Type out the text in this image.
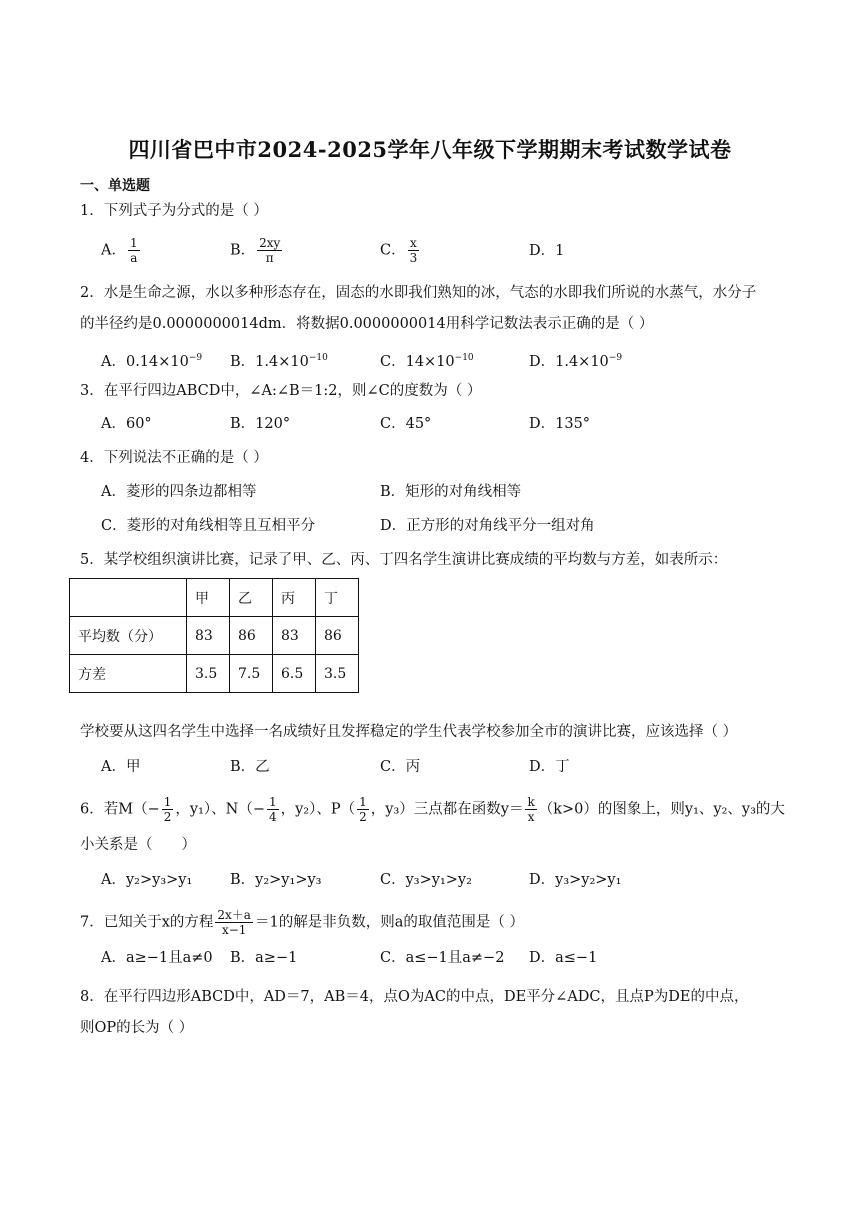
四川省巴中市2024-2025学年八年级下学期期末考试数学试卷
一、单选题
1．下列式子为分式的是（ ）
A． $\frac{1}{a}$	B． $\frac{2xy}{\pi}$	C． $\frac{x}{3}$	D．1
2．水是生命之源，水以多种形态存在，固态的水即我们熟知的冰，气态的水即我们所说的水蒸气，水分子
的半径约是0.0000000014dm．将数据0.0000000014用科学记数法表示正确的是（ ）
A．$0.14\times 10^{-9}$ B．$1.4\times 10^{-10}$	C．$14\times 10^{-10}$	D．$1.4\times 10^{-9}$
3．在平行四边ABCD中，∠A:∠B＝1:2，则∠C的度数为（ ）
A．60°	B．120°	C．45°	D．135°
4．下列说法不正确的是（ ）
A．菱形的四条边都相等	B．矩形的对角线相等
C．菱形的对角线相等且互相平分	D．正方形的对角线平分一组对角
5．某学校组织演讲比赛，记录了甲、乙、丙、丁四名学生演讲比赛成绩的平均数与方差，如表所示：
	甲	乙	丙	丁
平均数（分）	83	86	83	86
方差	3.5	7.5	6.5	3.5
学校要从这四名学生中选择一名成绩好且发挥稳定的学生代表学校参加全市的演讲比赛，应该选择（ ）
A．甲	B．乙	C．丙	D．丁
6．若$M(- \frac{1}{2}$ ，y₁）、$N(- \frac{1}{4}$ ，y₂）、$P( \frac{1}{2}$ ，y₃）三点都在函数$y= \frac{k}{x} (k>0)$的图象上，则y₁、y₂、y₃的大
小关系是（　　）
A．y₂>y₃>y₁	B．y₂>y₁>y₃	C．y₃>y₁>y₂	D．y₃>y₂>y₁
7．已知关于x的方程 $\frac{2x+a}{x-1} =1$的解是非负数，则a的取值范围是（ ）
A．a≥−1且a≠0 B．a≥−1	C．a≤−1且a≠−2 D．a≤−1
8．在平行四边形ABCD中，AD＝7，AB＝4，点O为AC的中点，DE平分∠ADC，且点P为DE的中点，
则OP的长为（ ）
